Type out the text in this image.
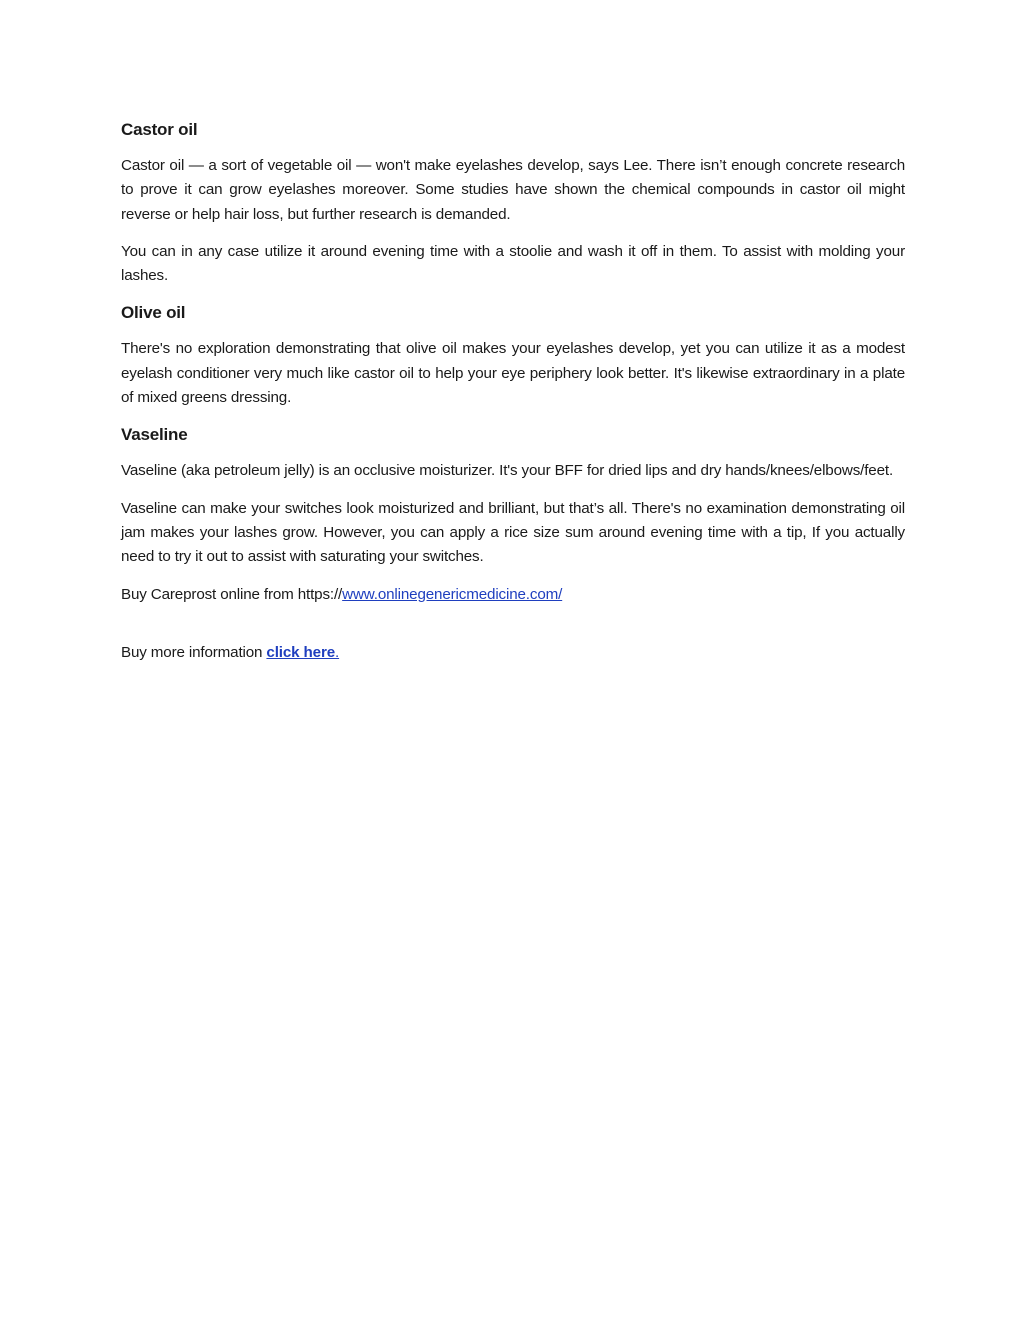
Castor oil

Castor oil — a sort of vegetable oil — won't make eyelashes develop, says Lee. There isn’t enough concrete research to prove it can grow eyelashes moreover. Some studies have shown the chemical compounds in castor oil might reverse or help hair loss, but further research is demanded.

You can in any case utilize it around evening time with a stoolie and wash it off in them. To assist with molding your lashes.

Olive oil

There's no exploration demonstrating that olive oil makes your eyelashes develop, yet you can utilize it as a modest eyelash conditioner very much like castor oil to help your eye periphery look better. It's likewise extraordinary in a plate of mixed greens dressing.

Vaseline

Vaseline (aka petroleum jelly) is an occlusive moisturizer. It's your BFF for dried lips and dry hands/knees/elbows/feet.

Vaseline can make your switches look moisturized and brilliant, but that’s all. There's no examination demonstrating oil jam makes your lashes grow. However, you can apply a rice size sum around evening time with a tip, If you actually need to try it out to assist with saturating your switches.

Buy Careprost online from https://www.onlinegenericmedicine.com/

Buy more information click here.
